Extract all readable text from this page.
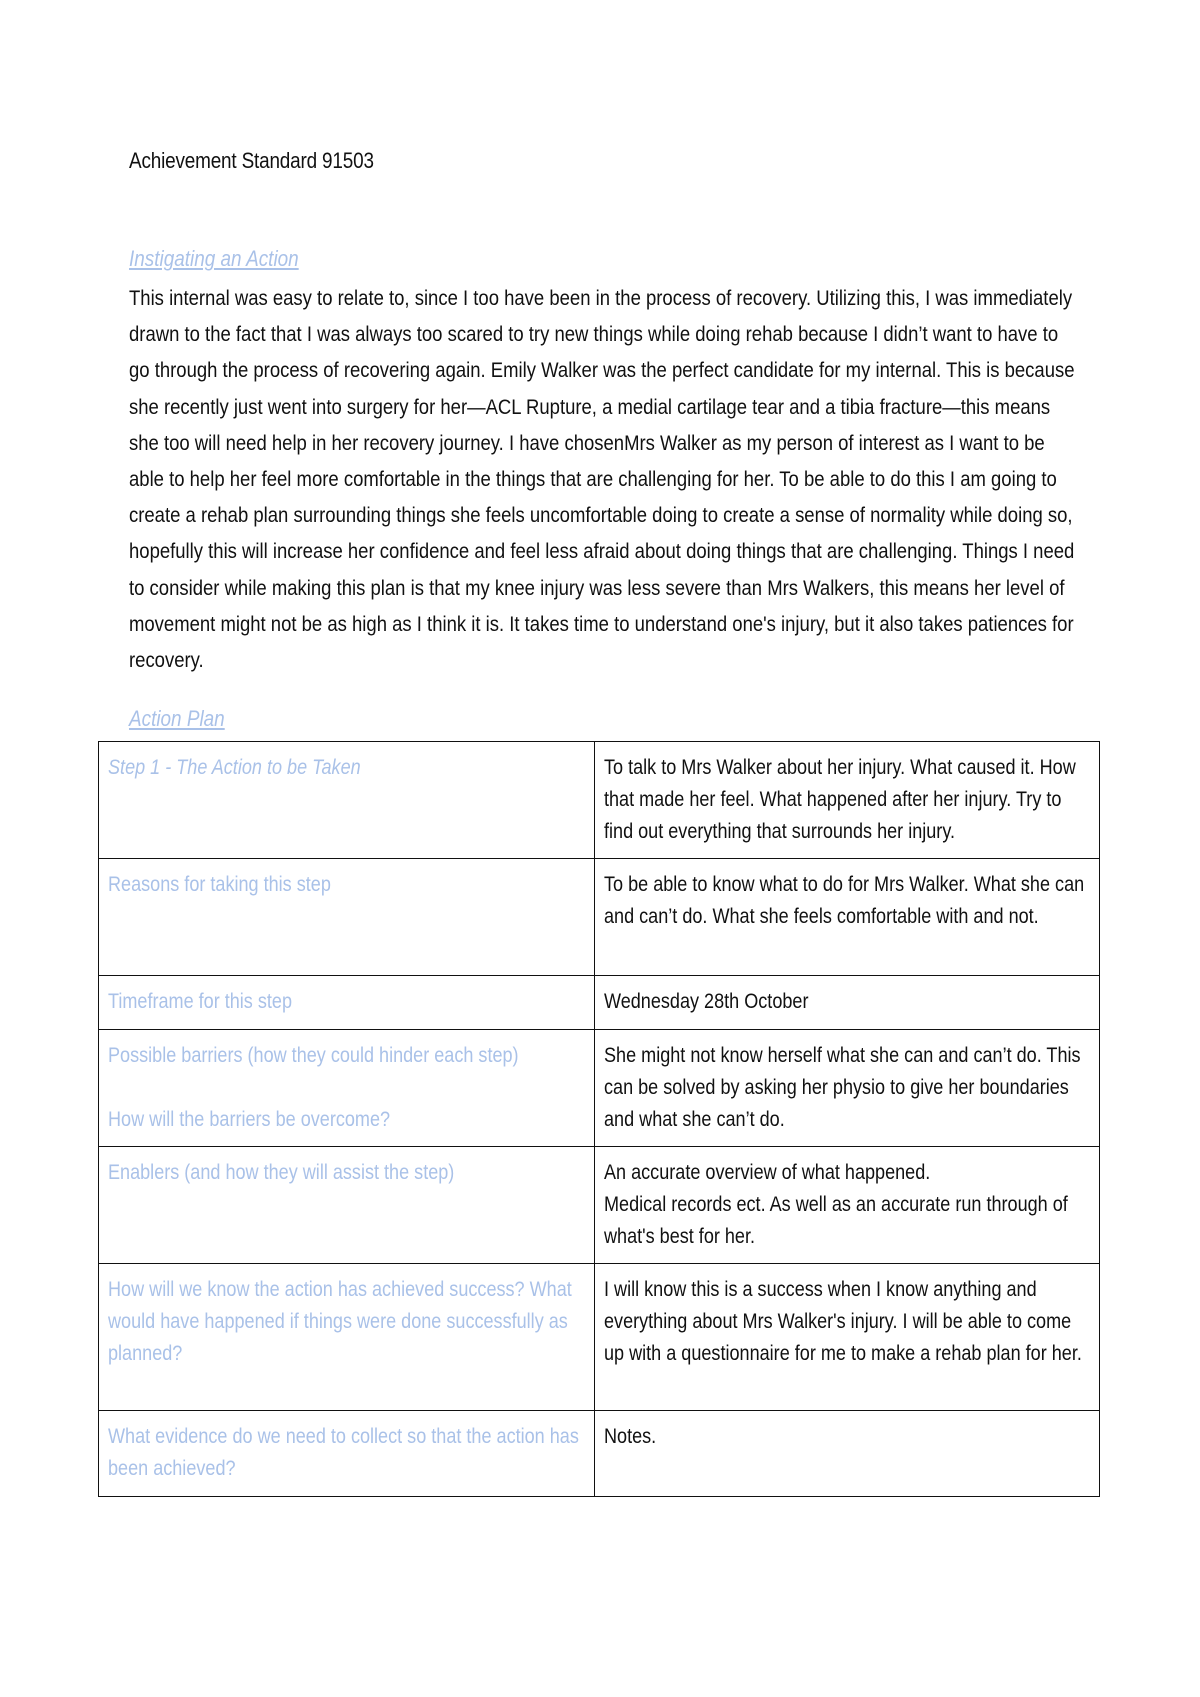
Achievement Standard 91503
Instigating an Action
This internal was easy to relate to, since I too have been in the process of recovery. Utilizing this, I was immediately drawn to the fact that I was always too scared to try new things while doing rehab because I didn’t want to have to go through the process of recovering again. Emily Walker was the perfect candidate for my internal. This is because she recently just went into surgery for her—ACL Rupture, a medial cartilage tear and a tibia fracture—this means she too will need help in her recovery journey. I have chosenMrs Walker as my person of interest as I want to be able to help her feel more comfortable in the things that are challenging for her. To be able to do this I am going to create a rehab plan surrounding things she feels uncomfortable doing to create a sense of normality while doing so, hopefully this will increase her confidence and feel less afraid about doing things that are challenging. Things I need to consider while making this plan is that my knee injury was less severe than Mrs Walkers, this means her level of movement might not be as high as I think it is. It takes time to understand one's injury, but it also takes patiences for recovery.
Action Plan
Step 1 - The Action to be Taken	To talk to Mrs Walker about her injury. What caused it. How that made her feel. What happened after her injury. Try to find out everything that surrounds her injury.

Reasons for taking this step	To be able to know what to do for Mrs Walker. What she can and can’t do. What she feels comfortable with and not.

Timeframe for this step	Wednesday 28th October

Possible barriers (how they could hinder each step)
How will the barriers be overcome?	She might not know herself what she can and can’t do. This can be solved by asking her physio to give her boundaries and what she can’t do.

Enablers (and how they will assist the step)	An accurate overview of what happened.
Medical records ect. As well as an accurate run through of what's best for her.

How will we know the action has achieved success? What would have happened if things were done successfully as planned?	I will know this is a success when I know anything and everything about Mrs Walker's injury. I will be able to come up with a questionnaire for me to make a rehab plan for her.

What evidence do we need to collect so that the action has been achieved?	Notes.
